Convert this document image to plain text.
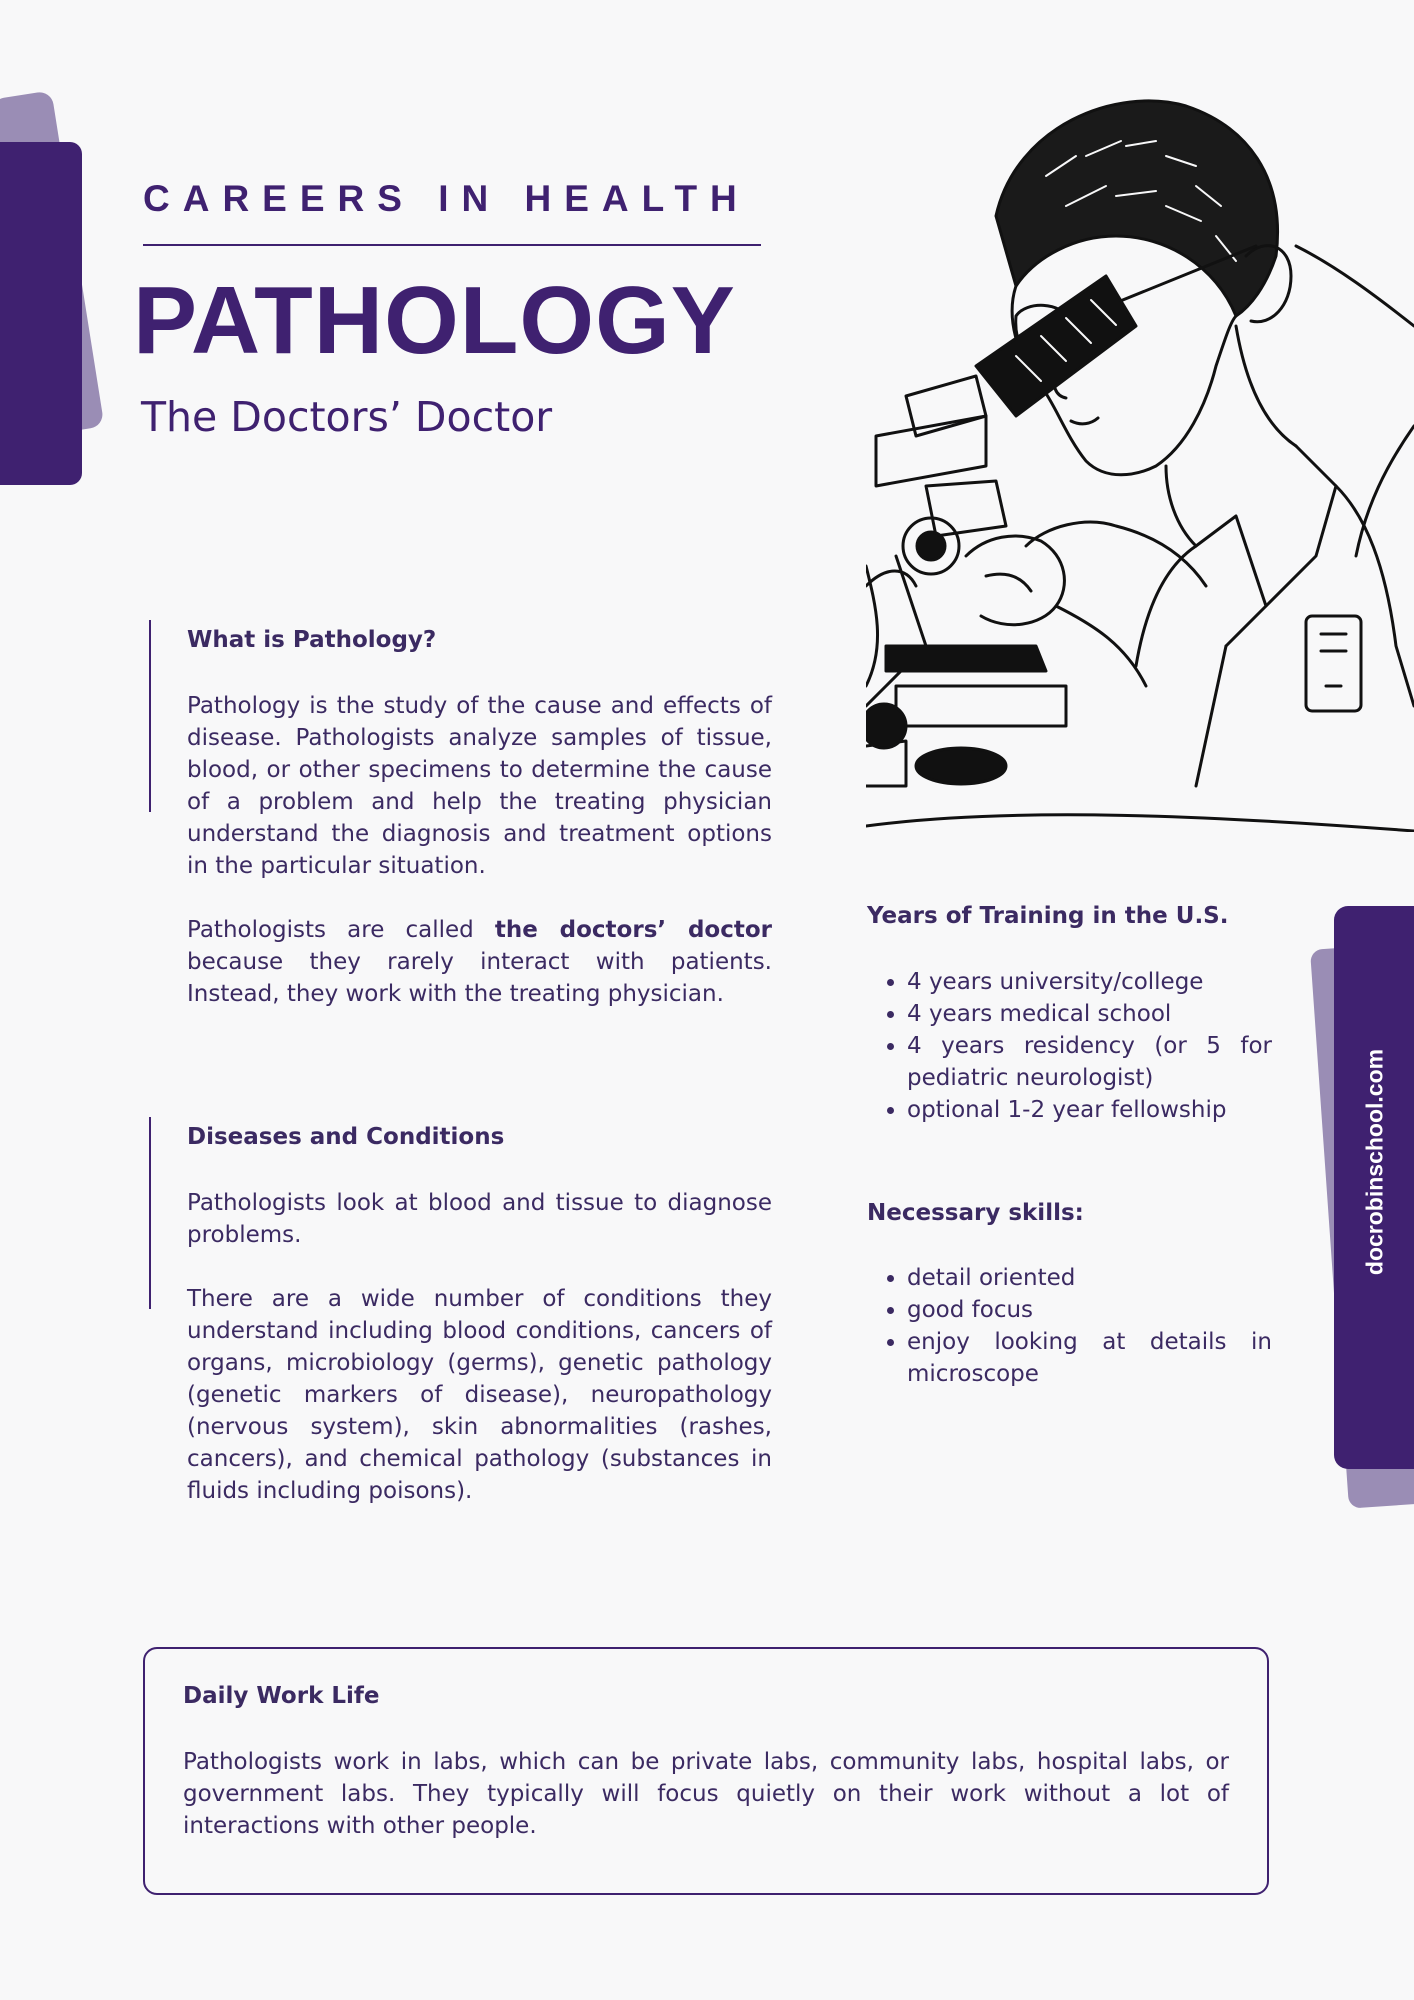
docrobinschool.com
CAREERS IN HEALTH
PATHOLOGY
The Doctors’ Doctor
What is Pathology?

Pathology is the study of the cause and effects of disease. Pathologists analyze samples of tissue, blood, or other specimens to determine the cause of a problem and help the treating physician understand the diagnosis and treatment options in the particular situation.

Pathologists are called the doctors’ doctor because they rarely interact with patients. Instead, they work with the treating physician.

Diseases and Conditions

Pathologists look at blood and tissue to diagnose problems.

There are a wide number of conditions they understand including blood conditions, cancers of organs, microbiology (germs), genetic pathology (genetic markers of disease), neuropathology (nervous system), skin abnormalities (rashes, cancers), and chemical pathology (substances in fluids including poisons).

Years of Training in the U.S.
• 4 years university/college
• 4 years medical school
• 4 years residency (or 5 for pediatric neurologist)
• optional 1-2 year fellowship
Necessary skills:
• detail oriented
• good focus
• enjoy looking at details in microscope
Daily Work Life

Pathologists work in labs, which can be private labs, community labs, hospital labs, or government labs. They typically will focus quietly on their work without a lot of interactions with other people.
